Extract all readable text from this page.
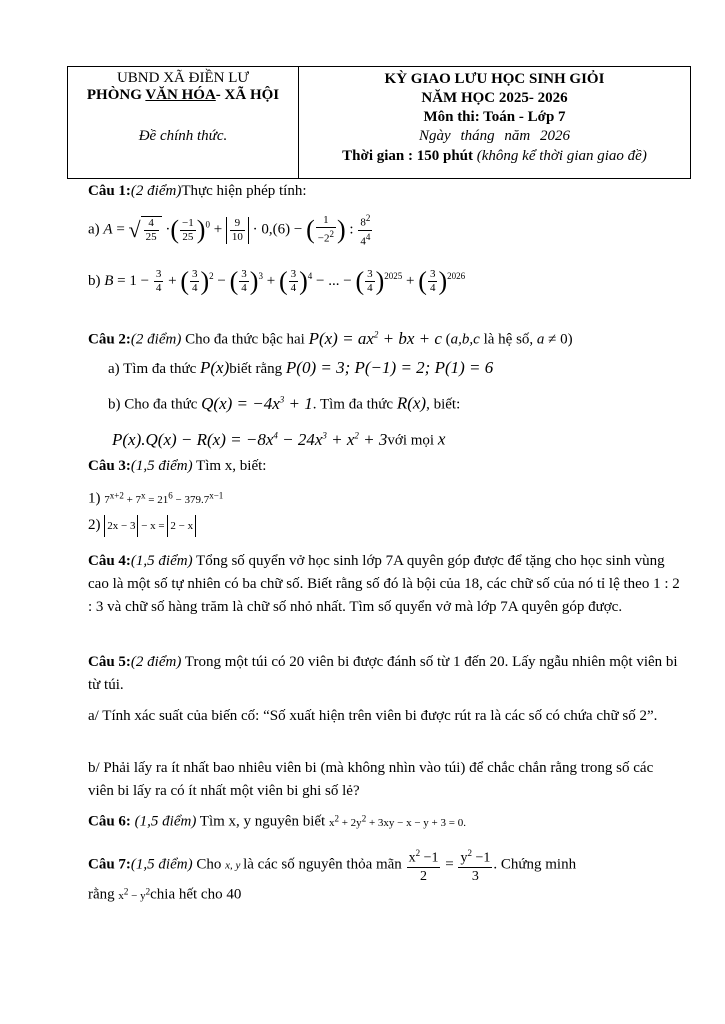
UBND XÃ ĐIỀN LƯ
PHÒNG VĂN HÓA- XÃ HỘI
Đề chính thức.

KỲ GIAO LƯU HỌC SINH GIỎI
NĂM HỌC 2025- 2026
Môn thi: Toán - Lớp 7
Ngày tháng năm 2026
Thời gian : 150 phút (không kể thời gian giao đề)
Câu 1:(2 điểm)Thực hiện phép tính:
a) A = √ $\frac{4}{25}$ ·( $\frac{-1}{25} )^0 + \frac{9}{10} \cdot 0,(6)$ − ( $\frac{1}{-2^2}$ ) : $\frac{8^2}{4^4}$
b) $B = 1 - \frac{3}{4}$ + ( $\frac{3}{4} )^2$ − ( $\frac{3}{4} )^3$ + ( $\frac{3}{4} )^4$ − ... − ( $\frac{3}{4} )^{2025}$ + ( $\frac{3}{4} )^{2026}$
Câu 2:(2 điểm) Cho đa thức bậc hai $P(x) = ax^2$ + bx + c (a,b,c là hệ số, a ≠ 0)
a) Tìm đa thức P(x)biết rằng P(0) = 3; P(−1) = 2; P(1) = 6
b) Cho đa thức $Q(x) = -4x^3 + 1$. Tìm đa thức R(x), biết:
$P(x).Q(x) - R(x) = -8x^4 - 24x^3 + x^2$ + 3với mọi x
Câu 3:(1,5 điểm) Tìm x, biết:
1) $7^{x+2} + 7^x = 21^6 - 379.7^{x-1}$
2) 2x − 3 − x = 2 − x
Câu 4:(1,5 điểm) Tổng số quyển vở học sinh lớp 7A quyên góp được để tặng cho học sinh vùng cao là một số tự nhiên có ba chữ số. Biết rằng số đó là bội của 18, các chữ số của nó tỉ lệ theo 1 : 2 : 3 và chữ số hàng trăm là chữ số nhỏ nhất. Tìm số quyển vở mà lớp 7A quyên góp được.
Câu 5:(2 điểm) Trong một túi có 20 viên bi được đánh số từ 1 đến 20. Lấy ngẫu nhiên một viên bi từ túi.
a/ Tính xác suất của biến cố: “Số xuất hiện trên viên bi được rút ra là các số có chứa chữ số 2”.
b/ Phải lấy ra ít nhất bao nhiêu viên bi (mà không nhìn vào túi) để chắc chắn rằng trong số các viên bi lấy ra có ít nhất một viên bi ghi số lẻ?
Câu 6: (1,5 điểm) Tìm x, y nguyên biết $x^2 + 2y^2 + 3xy - x - y + 3 = 0$.
Câu 7:(1,5 điểm) Cho x, y là các số nguyên thỏa mãn $\frac{x^2 -1}{2} = \frac{y^2 -1}{3}$ . Chứng minh
rằng $x^2$ − $y^2chia$ hết cho 40
